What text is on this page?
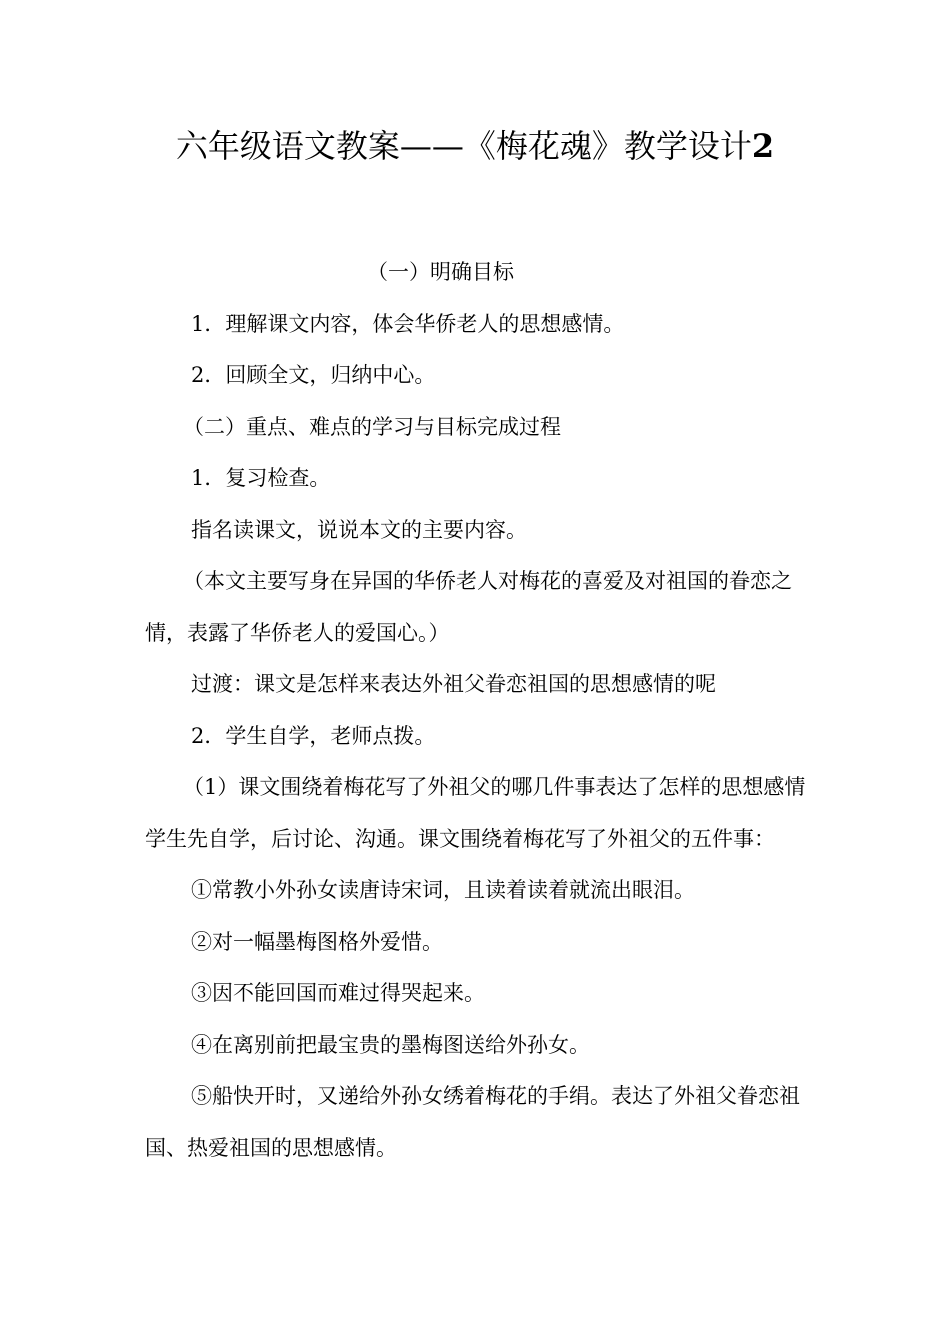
六年级语文教案——《梅花魂》教学设计2

（一）明确目标

1．理解课文内容，体会华侨老人的思想感情。

2．回顾全文，归纳中心。

（二）重点、难点的学习与目标完成过程

1．复习检查。

指名读课文，说说本文的主要内容。

（本文主要写身在异国的华侨老人对梅花的喜爱及对祖国的眷恋之情，表露了华侨老人的爱国心。）

过渡：课文是怎样来表达外祖父眷恋祖国的思想感情的呢

2．学生自学，老师点拨。

（1）课文围绕着梅花写了外祖父的哪几件事表达了怎样的思想感情学生先自学，后讨论、沟通。课文围绕着梅花写了外祖父的五件事：

①常教小外孙女读唐诗宋词，且读着读着就流出眼泪。

②对一幅墨梅图格外爱惜。

③因不能回国而难过得哭起来。

④在离别前把最宝贵的墨梅图送给外孙女。

⑤船快开时，又递给外孙女绣着梅花的手绢。表达了外祖父眷恋祖国、热爱祖国的思想感情。
